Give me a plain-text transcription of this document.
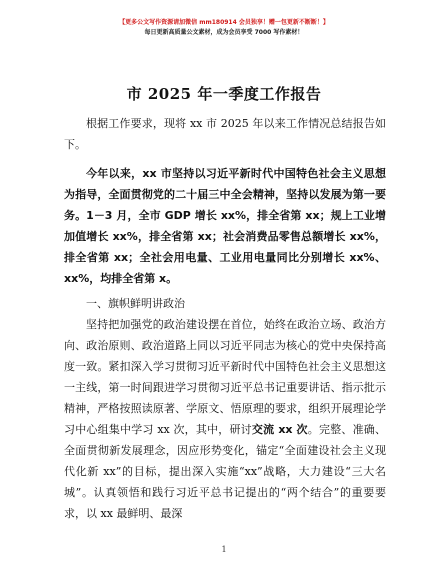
【更多公文写作资源请加微信 mm180914 会员独享！赠一包更新不断断！】
每日更新高质量公文素材，成为会员享受 7000 写作素材！
市 2025 年一季度工作报告

根据工作要求，现将 xx 市 2025 年以来工作情况总结报告如下。

今年以来，xx 市坚持以习近平新时代中国特色社会主义思想为指导，全面贯彻党的二十届三中全会精神，坚持以发展为第一要务。1－3 月，全市 GDP 增长 xx%，排全省第 xx；规上工业增加值增长 xx%，排全省第 xx；社会消费品零售总额增长 xx%，排全省第 xx；全社会用电量、工业用电量同比分别增长 xx%、xx%，均排全省第 x。

一、旗帜鲜明讲政治

坚持把加强党的政治建设摆在首位，始终在政治立场、政治方向、政治原则、政治道路上同以习近平同志为核心的党中央保持高度一致。紧扣深入学习贯彻习近平新时代中国特色社会主义思想这一主线，第一时间跟进学习贯彻习近平总书记重要讲话、指示批示精神，严格按照读原著、学原文、悟原理的要求，组织开展理论学习中心组集中学习 xx 次，其中，研讨交流 xx 次。完整、准确、全面贯彻新发展理念，因应形势变化，锚定“全面建设社会主义现代化新 xx”的目标，提出深入实施“xx”战略，大力建设“三大名城”。认真领悟和践行习近平总书记提出的“两个结合”的重要要求，以 xx 最鲜明、最深

1
